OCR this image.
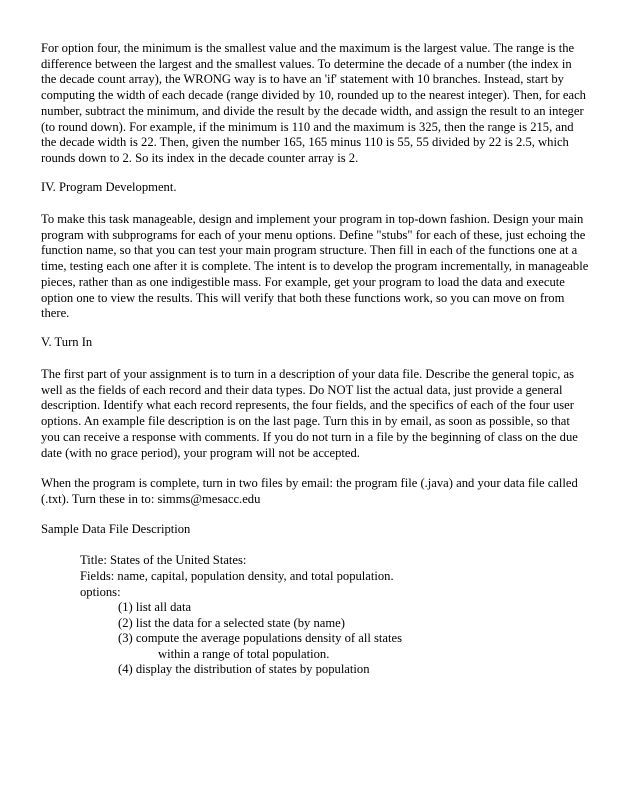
For option four, the minimum is the smallest value and the maximum is the largest value. The range is the difference between the largest and the smallest values. To determine the decade of a number (the index in the decade count array), the WRONG way is to have an 'if' statement with 10 branches. Instead, start by computing the width of each decade (range divided by 10, rounded up to the nearest integer). Then, for each number, subtract the minimum, and divide the result by the decade width, and assign the result to an integer (to round down). For example, if the minimum is 110 and the maximum is 325, then the range is 215, and the decade width is 22. Then, given the number 165, 165 minus 110 is 55, 55 divided by 22 is 2.5, which rounds down to 2. So its index in the decade counter array is 2.

IV. Program Development.

To make this task manageable, design and implement your program in top-down fashion. Design your main program with subprograms for each of your menu options. Define "stubs" for each of these, just echoing the function name, so that you can test your main program structure. Then fill in each of the functions one at a time, testing each one after it is complete. The intent is to develop the program incrementally, in manageable pieces, rather than as one indigestible mass. For example, get your program to load the data and execute option one to view the results. This will verify that both these functions work, so you can move on from there.

V. Turn In

The first part of your assignment is to turn in a description of your data file. Describe the general topic, as well as the fields of each record and their data types. Do NOT list the actual data, just provide a general description. Identify what each record represents, the four fields, and the specifics of each of the four user options. An example file description is on the last page. Turn this in by email, as soon as possible, so that you can receive a response with comments. If you do not turn in a file by the beginning of class on the due date (with no grace period), your program will not be accepted.

When the program is complete, turn in two files by email: the program file (.java) and your data file called (.txt). Turn these in to: simms@mesacc.edu

Sample Data File Description

Title: States of the United States:

Fields: name, capital, population density, and total population.

options:

(1) list all data

(2) list the data for a selected state (by name)

(3) compute the average populations density of all states

within a range of total population.

(4) display the distribution of states by population
